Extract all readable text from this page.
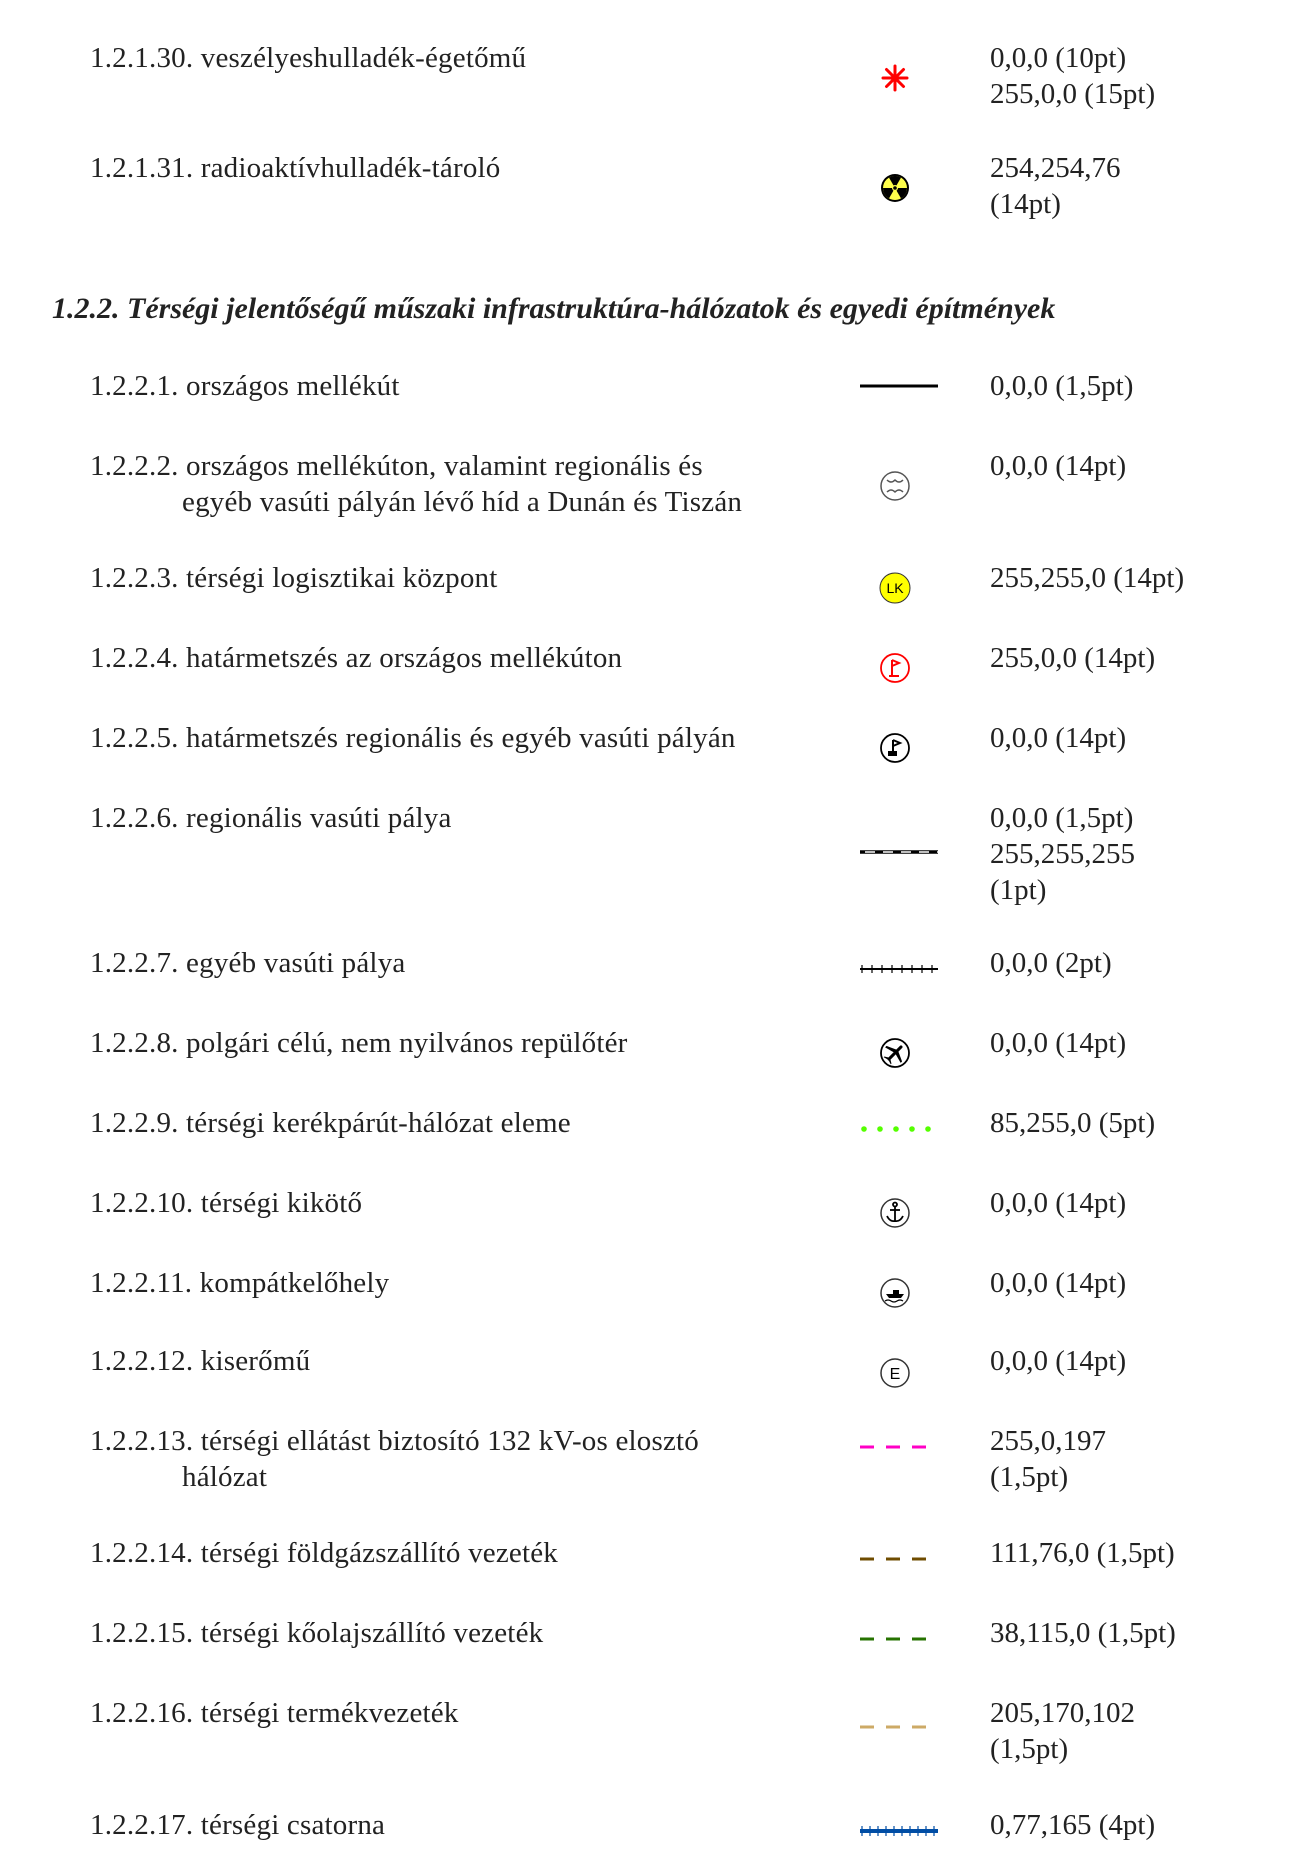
1.2.1.30. veszélyeshulladék-égetőmű	0,0,0 (10pt)
255,0,0 (15pt)
1.2.1.31. radioaktívhulladék-tároló	254,254,76
(14pt)
1.2.2. Térségi jelentőségű műszaki infrastruktúra-hálózatok és egyedi építmények
1.2.2.1. országos mellékút	0,0,0 (1,5pt)
1.2.2.2. országos mellékúton, valamint regionális és
egyéb vasúti pályán lévő híd a Dunán és Tiszán
0,0,0 (14pt)
1.2.2.3. térségi logisztikai központ	LK	255,255,0 (14pt)
1.2.2.4. határmetszés az országos mellékúton	255,0,0 (14pt)
1.2.2.5. határmetszés regionális és egyéb vasúti pályán	0,0,0 (14pt)
1.2.2.6. regionális vasúti pálya	0,0,0 (1,5pt)
255,255,255
(1pt)
1.2.2.7. egyéb vasúti pálya	0,0,0 (2pt)
1.2.2.8. polgári célú, nem nyilvános repülőtér	0,0,0 (14pt)
1.2.2.9. térségi kerékpárút-hálózat eleme	85,255,0 (5pt)
1.2.2.10. térségi kikötő	0,0,0 (14pt)
1.2.2.11. kompátkelőhely	0,0,0 (14pt)
1.2.2.12. kiserőmű	E	0,0,0 (14pt)
1.2.2.13. térségi ellátást biztosító 132 kV-os elosztó
hálózat
255,0,197
(1,5pt)
1.2.2.14. térségi földgázszállító vezeték	111,76,0 (1,5pt)
1.2.2.15. térségi kőolajszállító vezeték	38,115,0 (1,5pt)
1.2.2.16. térségi termékvezeték	205,170,102
(1,5pt)
1.2.2.17. térségi csatorna	0,77,165 (4pt)
